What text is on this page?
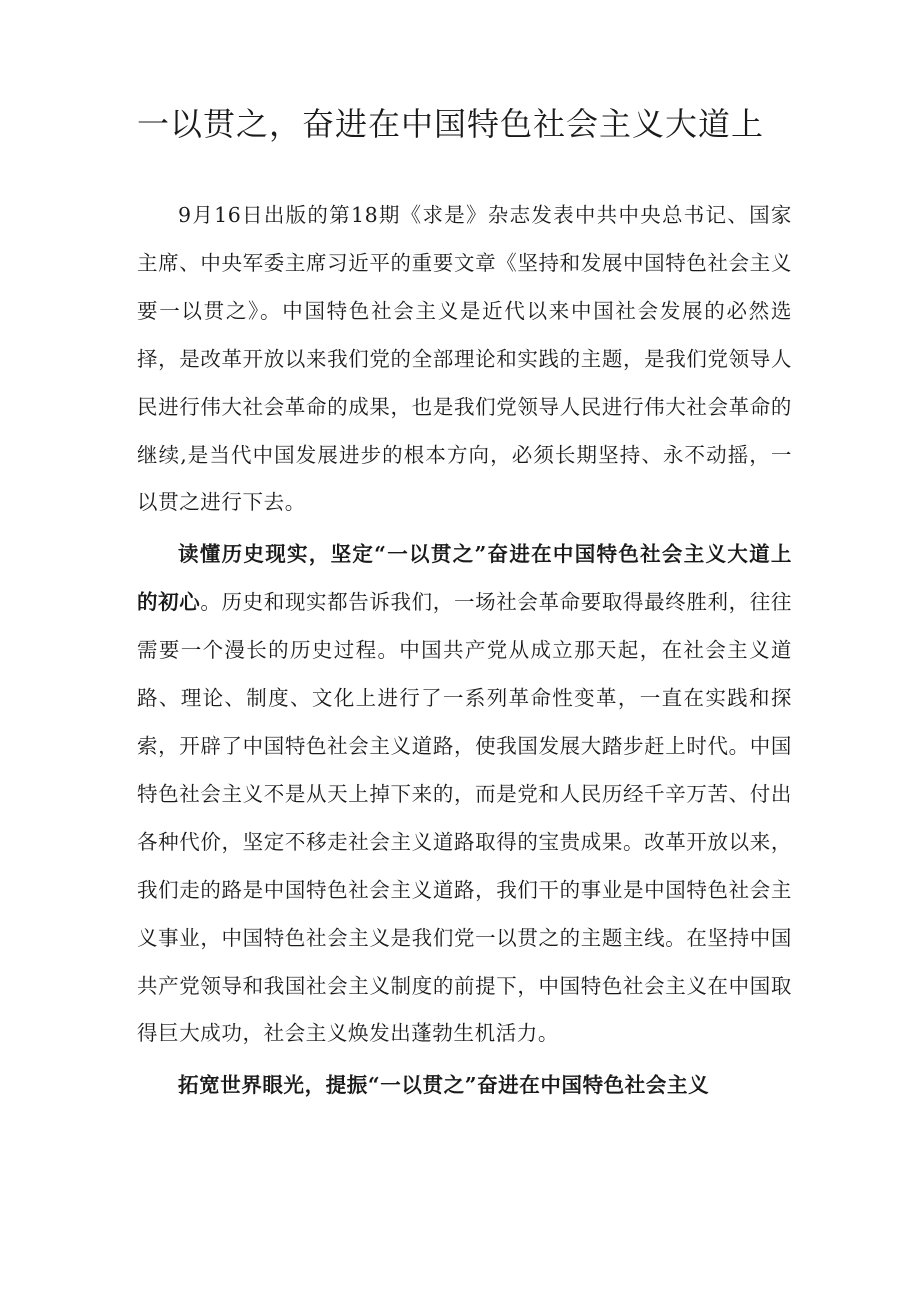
一以贯之，奋进在中国特色社会主义大道上

9月16日出版的第18期《求是》杂志发表中共中央总书记、国家主席、中央军委主席习近平的重要文章《坚持和发展中国特色社会主义要一以贯之》。中国特色社会主义是近代以来中国社会发展的必然选择，是改革开放以来我们党的全部理论和实践的主题，是我们党领导人民进行伟大社会革命的成果，也是我们党领导人民进行伟大社会革命的继续,是当代中国发展进步的根本方向，必须长期坚持、永不动摇，一以贯之进行下去。

读懂历史现实，坚定“一以贯之”奋进在中国特色社会主义大道上的初心。历史和现实都告诉我们，一场社会革命要取得最终胜利，往往需要一个漫长的历史过程。中国共产党从成立那天起，在社会主义道路、理论、制度、文化上进行了一系列革命性变革，一直在实践和探索，开辟了中国特色社会主义道路，使我国发展大踏步赶上时代。中国特色社会主义不是从天上掉下来的，而是党和人民历经千辛万苦、付出各种代价，坚定不移走社会主义道路取得的宝贵成果。改革开放以来，我们走的路是中国特色社会主义道路，我们干的事业是中国特色社会主义事业，中国特色社会主义是我们党一以贯之的主题主线。在坚持中国共产党领导和我国社会主义制度的前提下，中国特色社会主义在中国取得巨大成功，社会主义焕发出蓬勃生机活力。

拓宽世界眼光，提振“一以贯之”奋进在中国特色社会主义
